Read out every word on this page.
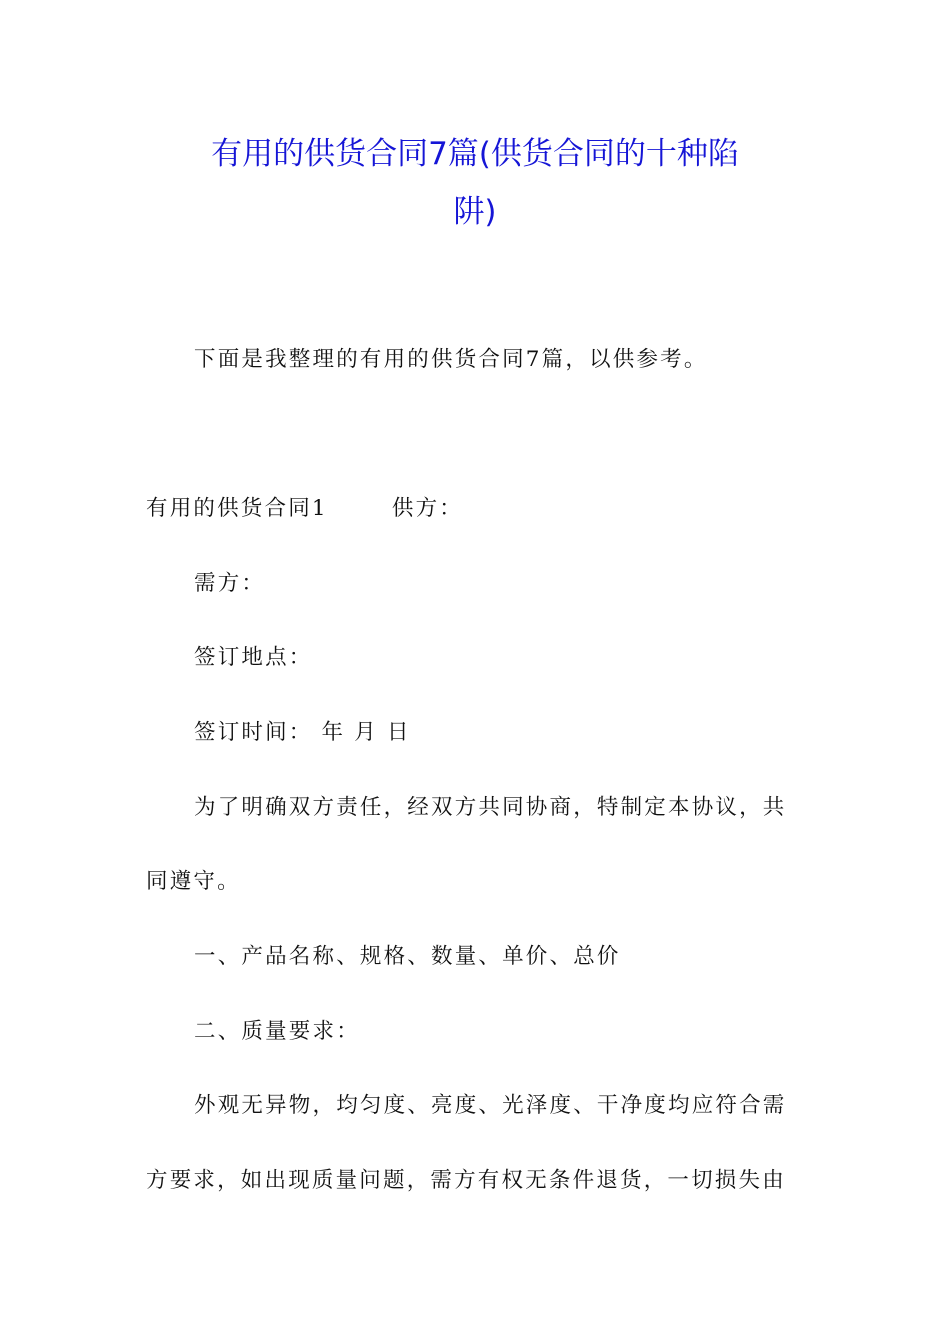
有用的供货合同7篇(供货合同的十种陷
阱)
下面是我整理的有用的供货合同7篇，以供参考。
有用的供货合同1	供方：
需方：
签订地点：
签订时间： 年 月 日
为了明确双方责任，经双方共同协商，特制定本协议，共
同遵守。
一、产品名称、规格、数量、单价、总价
二、质量要求：
外观无异物，均匀度、亮度、光泽度、干净度均应符合需
方要求，如出现质量问题，需方有权无条件退货，一切损失由
